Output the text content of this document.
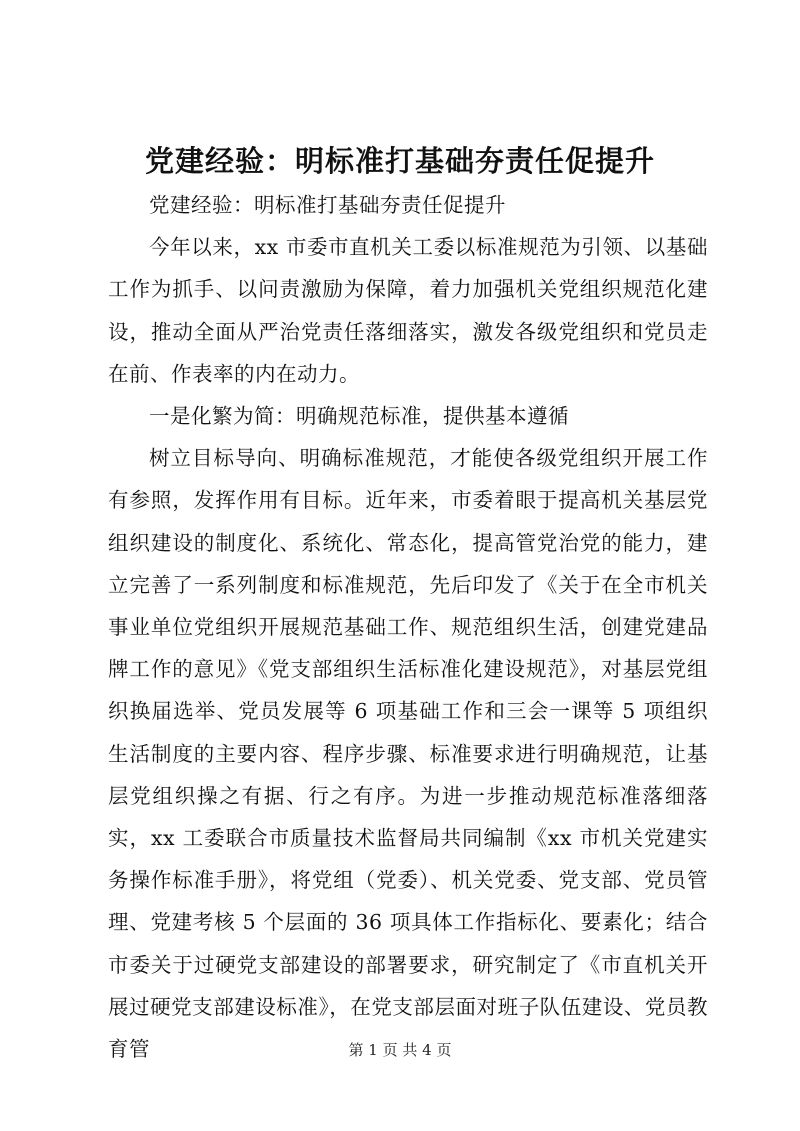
党建经验：明标准打基础夯责任促提升

党建经验：明标准打基础夯责任促提升

今年以来，xx 市委市直机关工委以标准规范为引领、以基础工作为抓手、以问责激励为保障，着力加强机关党组织规范化建设，推动全面从严治党责任落细落实，激发各级党组织和党员走在前、作表率的内在动力。

一是化繁为简：明确规范标准，提供基本遵循

树立目标导向、明确标准规范，才能使各级党组织开展工作有参照，发挥作用有目标。近年来，市委着眼于提高机关基层党组织建设的制度化、系统化、常态化，提高管党治党的能力，建立完善了一系列制度和标准规范，先后印发了《关于在全市机关事业单位党组织开展规范基础工作、规范组织生活，创建党建品牌工作的意见》《党支部组织生活标准化建设规范》，对基层党组织换届选举、党员发展等 6 项基础工作和三会一课等 5 项组织生活制度的主要内容、程序步骤、标准要求进行明确规范，让基层党组织操之有据、行之有序。为进一步推动规范标准落细落实，xx 工委联合市质量技术监督局共同编制《xx 市机关党建实务操作标准手册》，将党组（党委）、机关党委、党支部、党员管理、党建考核 5 个层面的 36 项具体工作指标化、要素化；结合市委关于过硬党支部建设的部署要求，研究制定了《市直机关开展过硬党支部建设标准》，在党支部层面对班子队伍建设、党员教育管	第 1 页 共 4 页
